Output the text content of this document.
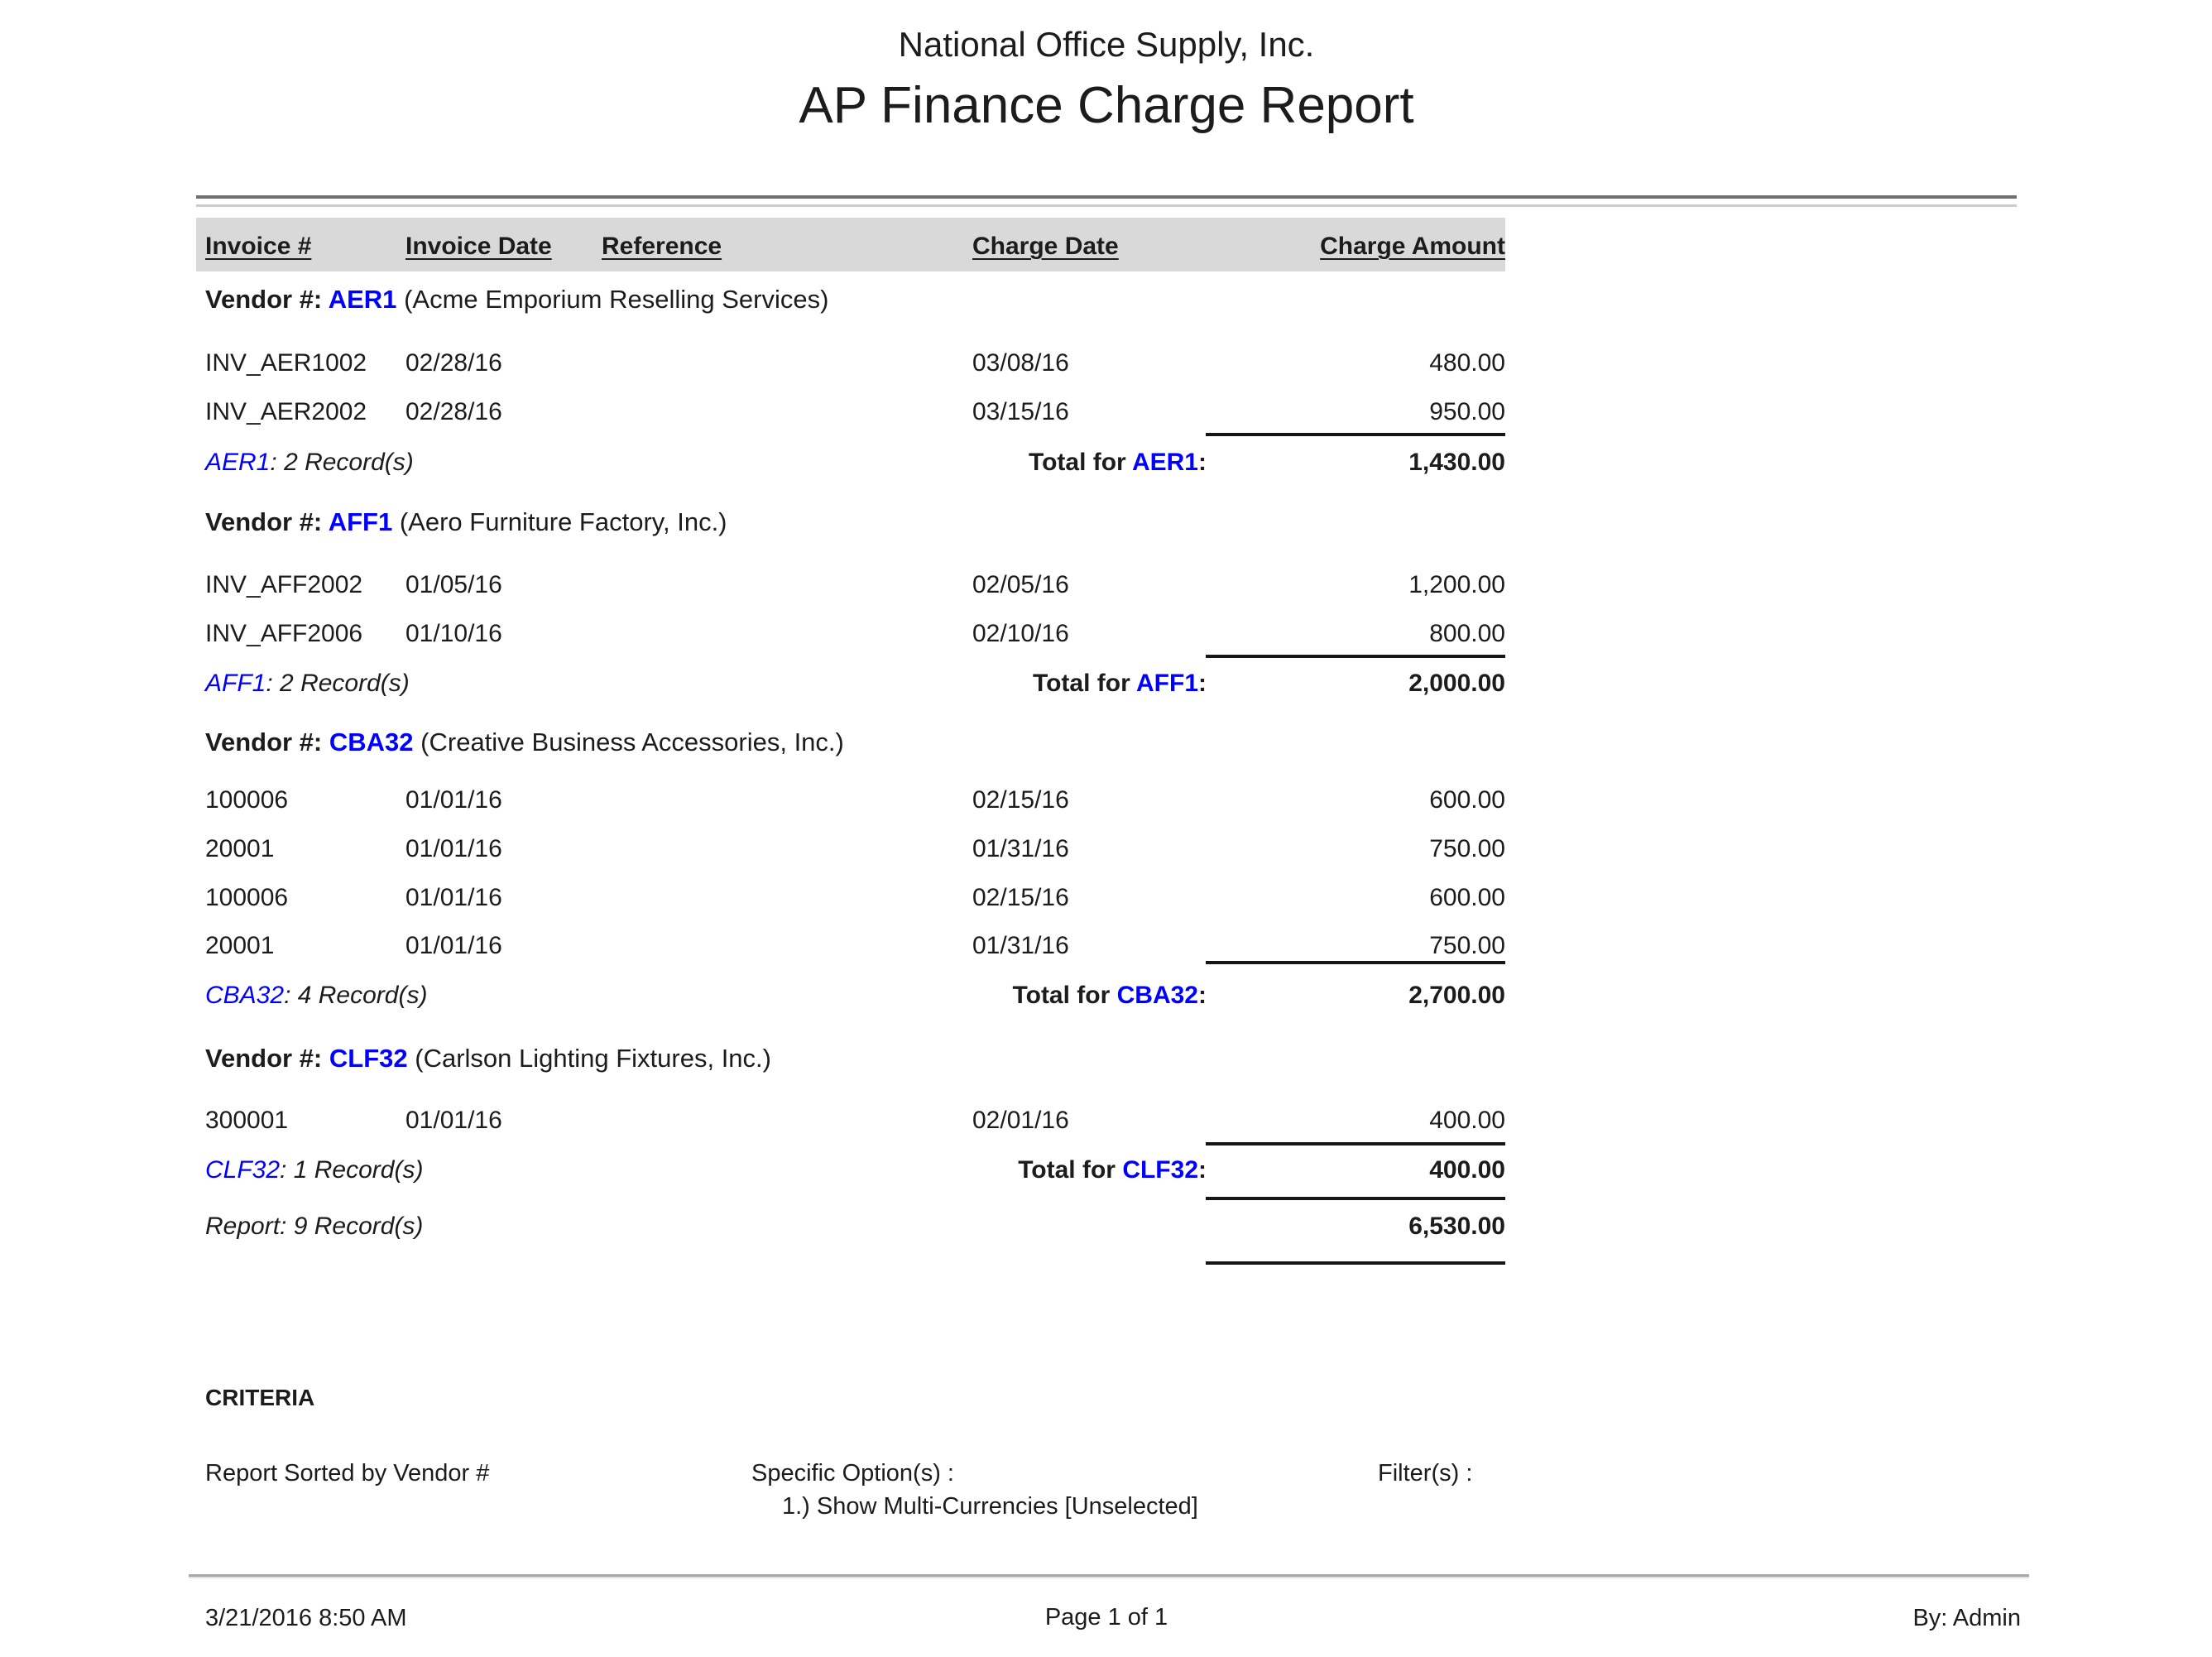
National Office Supply, Inc.
AP Finance Charge Report
Invoice #	Invoice Date Reference	Charge Date	Charge Amount
Vendor #: AER1 (Acme Emporium Reselling Services)
INV_AER1002 02/28/16	03/08/16	480.00
INV_AER2002 02/28/16	03/15/16	950.00
AER1: 2 Record(s)	Total for AER1:	1,430.00
Vendor #: AFF1 (Aero Furniture Factory, Inc.)
INV_AFF2002 01/05/16	02/05/16	1,200.00
INV_AFF2006 01/10/16	02/10/16	800.00
AFF1: 2 Record(s)	Total for AFF1:	2,000.00
Vendor #: CBA32 (Creative Business Accessories, Inc.)
100006	01/01/16	02/15/16	600.00
20001	01/01/16	01/31/16	750.00
100006	01/01/16	02/15/16	600.00
20001	01/01/16	01/31/16	750.00
CBA32: 4 Record(s)	Total for CBA32:	2,700.00
Vendor #: CLF32 (Carlson Lighting Fixtures, Inc.)
300001	01/01/16	02/01/16	400.00
CLF32: 1 Record(s)	Total for CLF32:	400.00
Report: 9 Record(s)	6,530.00
CRITERIA
Report Sorted by Vendor #	Specific Option(s) :
1.) Show Multi-Currencies [Unselected]
Filter(s) :
3/21/2016 8:50 AM	Page 1 of 1	By: Admin
